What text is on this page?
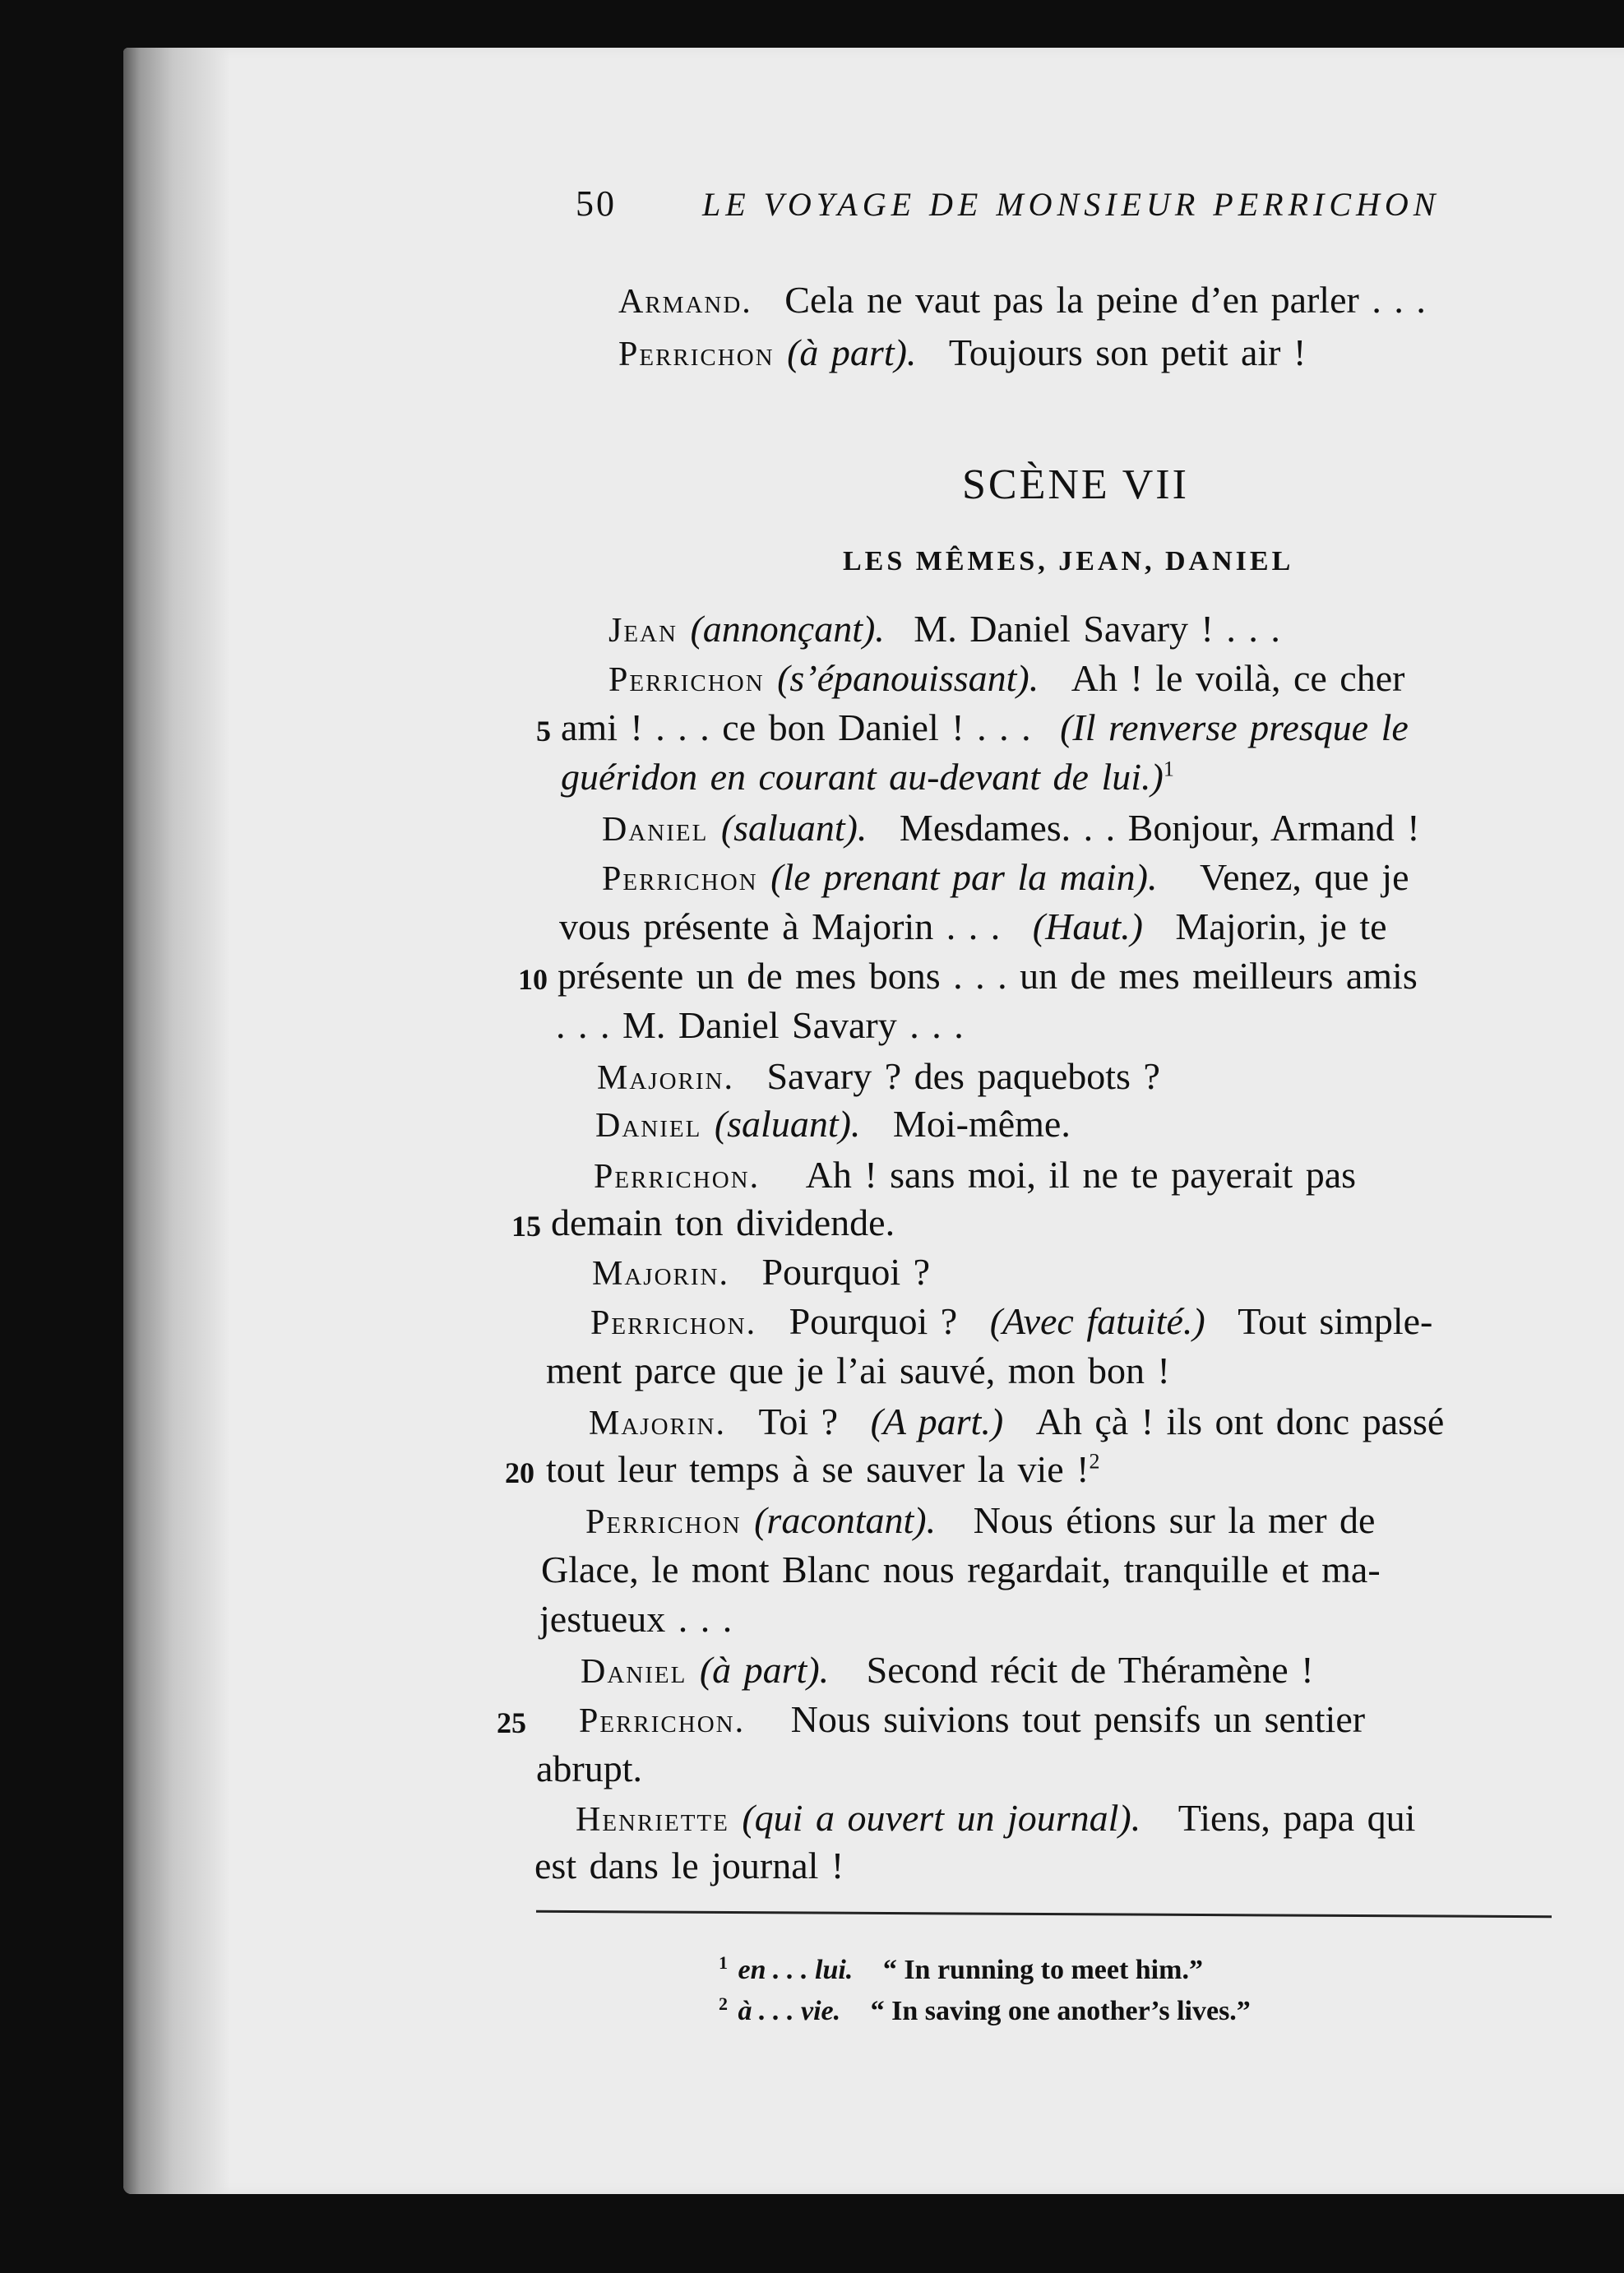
50	LE VOYAGE DE MONSIEUR PERRICHON
Armand. Cela ne vaut pas la peine d’en parler . . .
Perrichon (à part). Toujours son petit air !
SCÈNE VII
LES MÊMES, JEAN, DANIEL
Jean (annonçant). M. Daniel Savary ! . . .
Perrichon (s’épanouissant). Ah ! le voilà, ce cher
5 ami ! . . . ce bon Daniel ! . . . (Il renverse presque le
guéridon en courant au-devant de lui.)$^1$
Daniel (saluant). Mesdames. . . Bonjour, Armand !
Perrichon (le prenant par la main). Venez, que je
vous présente à Majorin . . . (Haut.) Majorin, je te
10 présente un de mes bons . . . un de mes meilleurs amis
. . . M. Daniel Savary . . .
Majorin. Savary ? des paquebots ?
Daniel (saluant). Moi-même.
Perrichon. Ah ! sans moi, il ne te payerait pas
15 demain ton dividende.
Majorin. Pourquoi ?
Perrichon. Pourquoi ? (Avec fatuité.) Tout simple-
ment parce que je l’ai sauvé, mon bon !
Majorin. Toi ? (A part.) Ah çà ! ils ont donc passé
20 tout leur temps à se sauver la vie !$^2$
Perrichon (racontant). Nous étions sur la mer de
Glace, le mont Blanc nous regardait, tranquille et ma-
jestueux . . .
Daniel (à part). Second récit de Théramène !
25 Perrichon. Nous suivions tout pensifs un sentier
abrupt.
Henriette (qui a ouvert un journal). Tiens, papa qui
est dans le journal !
$^1$ en . . . lui. “ In running to meet him.”
$^2$ à . . . vie. “ In saving one another’s lives.”
